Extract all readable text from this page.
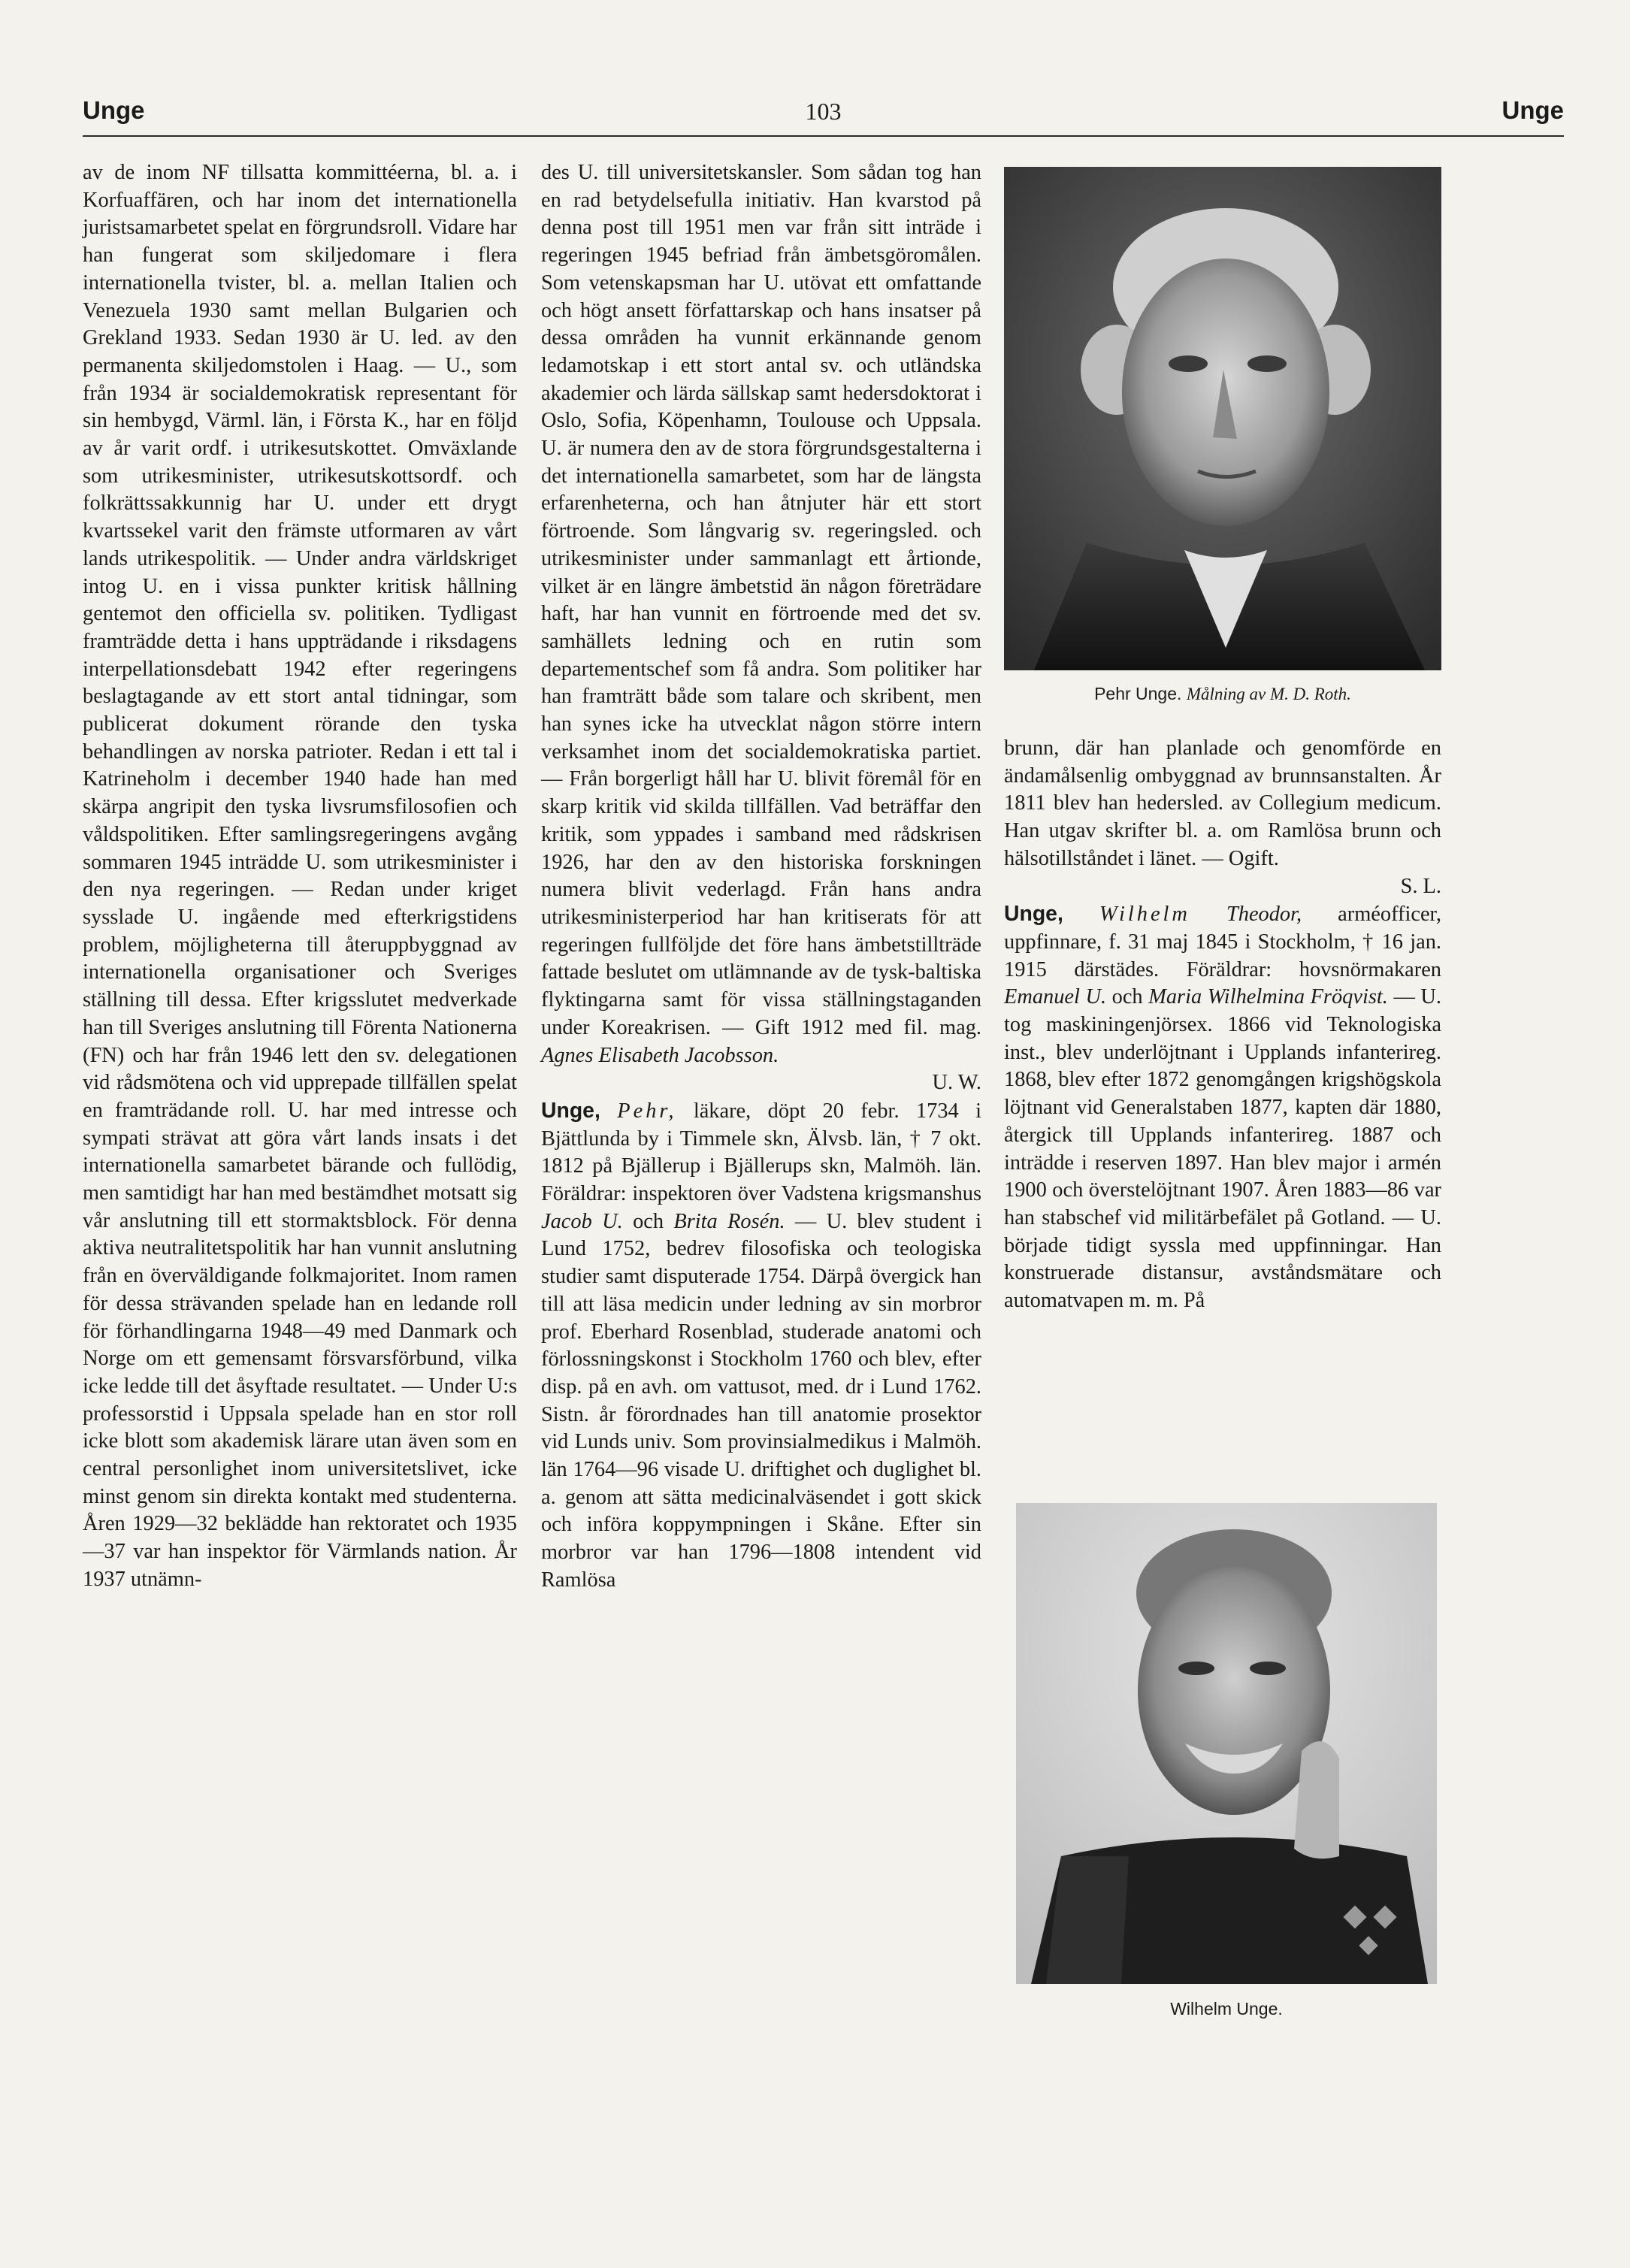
Unge	103	Unge

av de inom NF tillsatta kommittéerna, bl. a. i Korfuaffären, och har inom det internationella juristsamarbetet spelat en förgrundsroll. Vidare har han fungerat som skiljedomare i flera internationella tvister, bl. a. mellan Italien och Venezuela 1930 samt mellan Bulgarien och Grekland 1933. Sedan 1930 är U. led. av den permanenta skiljedomstolen i Haag. — U., som från 1934 är socialdemokratisk representant för sin hembygd, Värml. län, i Första K., har en följd av år varit ordf. i utrikesutskottet. Omväxlande som utrikesminister, utrikesutskottsordf. och folkrättssakkunnig har U. under ett drygt kvartssekel varit den främste utformaren av vårt lands utrikespolitik. — Under andra världskriget intog U. en i vissa punkter kritisk hållning gentemot den officiella sv. politiken. Tydligast framträdde detta i hans uppträdande i riksdagens interpellationsdebatt 1942 efter regeringens beslagtagande av ett stort antal tidningar, som publicerat dokument rörande den tyska behandlingen av norska patrioter. Redan i ett tal i Katrineholm i december 1940 hade han med skärpa angripit den tyska livsrumsfilosofien och våldspolitiken. Efter samlingsregeringens avgång sommaren 1945 inträdde U. som utrikesminister i den nya regeringen. — Redan under kriget sysslade U. ingående med efterkrigstidens problem, möjligheterna till återuppbyggnad av internationella organisationer och Sveriges ställning till dessa. Efter krigsslutet medverkade han till Sveriges anslutning till Förenta Nationerna (FN) och har från 1946 lett den sv. delegationen vid rådsmötena och vid upprepade tillfällen spelat en framträdande roll. U. har med intresse och sympati strävat att göra vårt lands insats i det internationella samarbetet bärande och fullödig, men samtidigt har han med bestämdhet motsatt sig vår anslutning till ett stormaktsblock. För denna aktiva neutralitetspolitik har han vunnit anslutning från en överväldigande folkmajoritet. Inom ramen för dessa strävanden spelade han en ledande roll för förhandlingarna 1948—49 med Danmark och Norge om ett gemensamt försvarsförbund, vilka icke ledde till det åsyftade resultatet. — Under U:s professorstid i Uppsala spelade han en stor roll icke blott som akademisk lärare utan även som en central personlighet inom universitetslivet, icke minst genom sin direkta kontakt med studenterna. Åren 1929—32 beklädde han rektoratet och 1935—37 var han inspektor för Värmlands nation. År 1937 utnämn-

des U. till universitetskansler. Som sådan tog han en rad betydelsefulla initiativ. Han kvarstod på denna post till 1951 men var från sitt inträde i regeringen 1945 befriad från ämbetsgöromålen. Som vetenskapsman har U. utövat ett omfattande och högt ansett författarskap och hans insatser på dessa områden ha vunnit erkännande genom ledamotskap i ett stort antal sv. och utländska akademier och lärda sällskap samt hedersdoktorat i Oslo, Sofia, Köpenhamn, Toulouse och Uppsala. U. är numera den av de stora förgrundsgestalterna i det internationella samarbetet, som har de längsta erfarenheterna, och han åtnjuter här ett stort förtroende. Som långvarig sv. regeringsled. och utrikesminister under sammanlagt ett årtionde, vilket är en längre ämbetstid än någon företrädare haft, har han vunnit en förtroende med det sv. samhällets ledning och en rutin som departementschef som få andra. Som politiker har han framträtt både som talare och skribent, men han synes icke ha utvecklat någon större intern verksamhet inom det socialdemokratiska partiet. — Från borgerligt håll har U. blivit föremål för en skarp kritik vid skilda tillfällen. Vad beträffar den kritik, som yppades i samband med rådskrisen 1926, har den av den historiska forskningen numera blivit vederlagd. Från hans andra utrikesministerperiod har han kritiserats för att regeringen fullföljde det före hans ämbetstillträde fattade beslutet om utlämnande av de tysk-baltiska flyktingarna samt för vissa ställningstaganden under Koreakrisen. — Gift 1912 med fil. mag. Agnes Elisabeth Jacobsson.

U. W.

Unge, Pehr, läkare, döpt 20 febr. 1734 i Bjättlunda by i Timmele skn, Älvsb. län, † 7 okt. 1812 på Bjällerup i Bjällerups skn, Malmöh. län. Föräldrar: inspektoren över Vadstena krigsmanshus Jacob U. och Brita Rosén. — U. blev student i Lund 1752, bedrev filosofiska och teologiska studier samt disputerade 1754. Därpå övergick han till att läsa medicin under ledning av sin morbror prof. Eberhard Rosenblad, studerade anatomi och förlossningskonst i Stockholm 1760 och blev, efter disp. på en avh. om vattusot, med. dr i Lund 1762. Sistn. år förordnades han till anatomie prosektor vid Lunds univ. Som provinsialmedikus i Malmöh. län 1764—96 visade U. driftighet och duglighet bl. a. genom att sätta medicinalväsendet i gott skick och införa koppympningen i Skåne. Efter sin morbror var han 1796—1808 intendent vid Ramlösa

Pehr Unge. Målning av M. D. Roth.

brunn, där han planlade och genomförde en ändamålsenlig ombyggnad av brunnsanstalten. År 1811 blev han hedersled. av Collegium medicum. Han utgav skrifter bl. a. om Ramlösa brunn och hälsotillståndet i länet. — Ogift.

S. L.

Unge, Wilhelm Theodor, arméofficer, uppfinnare, f. 31 maj 1845 i Stockholm, † 16 jan. 1915 därstädes. Föräldrar: hovsnörmakaren Emanuel U. och Maria Wilhelmina Fröqvist. — U. tog maskiningenjörsex. 1866 vid Teknologiska inst., blev underlöjtnant i Upplands infanterireg. 1868, blev efter 1872 genomgången krigshögskola löjtnant vid Generalstaben 1877, kapten där 1880, återgick till Upplands infanterireg. 1887 och inträdde i reserven 1897. Han blev major i armén 1900 och överstelöjtnant 1907. Åren 1883—86 var han stabschef vid militärbefälet på Gotland. — U. började tidigt syssla med uppfinningar. Han konstruerade distansur, avståndsmätare och automatvapen m. m. På

Wilhelm Unge.
